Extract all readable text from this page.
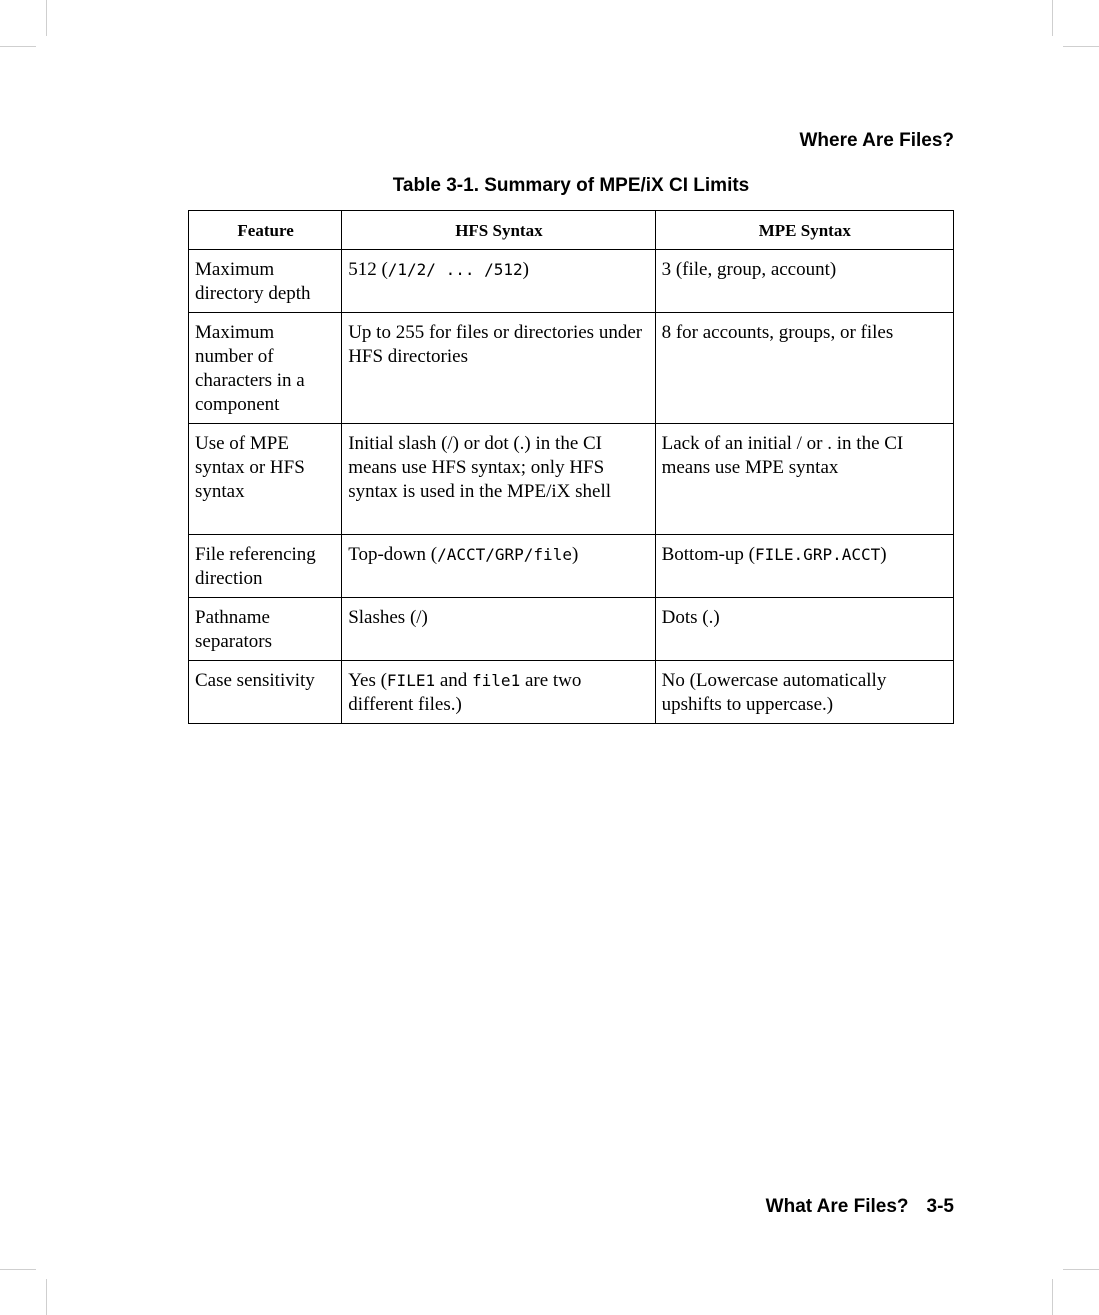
Where Are Files?

Table 3-1. Summary of MPE/iX CI Limits

Feature	HFS Syntax	MPE Syntax
Maximum directory depth	512 (/1/2/ ... /512)	3 (file, group, account)
Maximum number of characters in a component	Up to 255 for files or directories under HFS directories	8 for accounts, groups, or files
Use of MPE syntax or HFS syntax	Initial slash (/) or dot (.) in the CI means use HFS syntax; only HFS syntax is used in the MPE/iX shell	Lack of an initial / or . in the CI means use MPE syntax
File referencing direction	Top-down (/ACCT/GRP/file)	Bottom-up (FILE.GRP.ACCT)
Pathname separators	Slashes (/)	Dots (.)
Case sensitivity	Yes (FILE1 and file1 are two different files.)	No (Lowercase automatically upshifts to uppercase.)

What Are Files? 3-5
